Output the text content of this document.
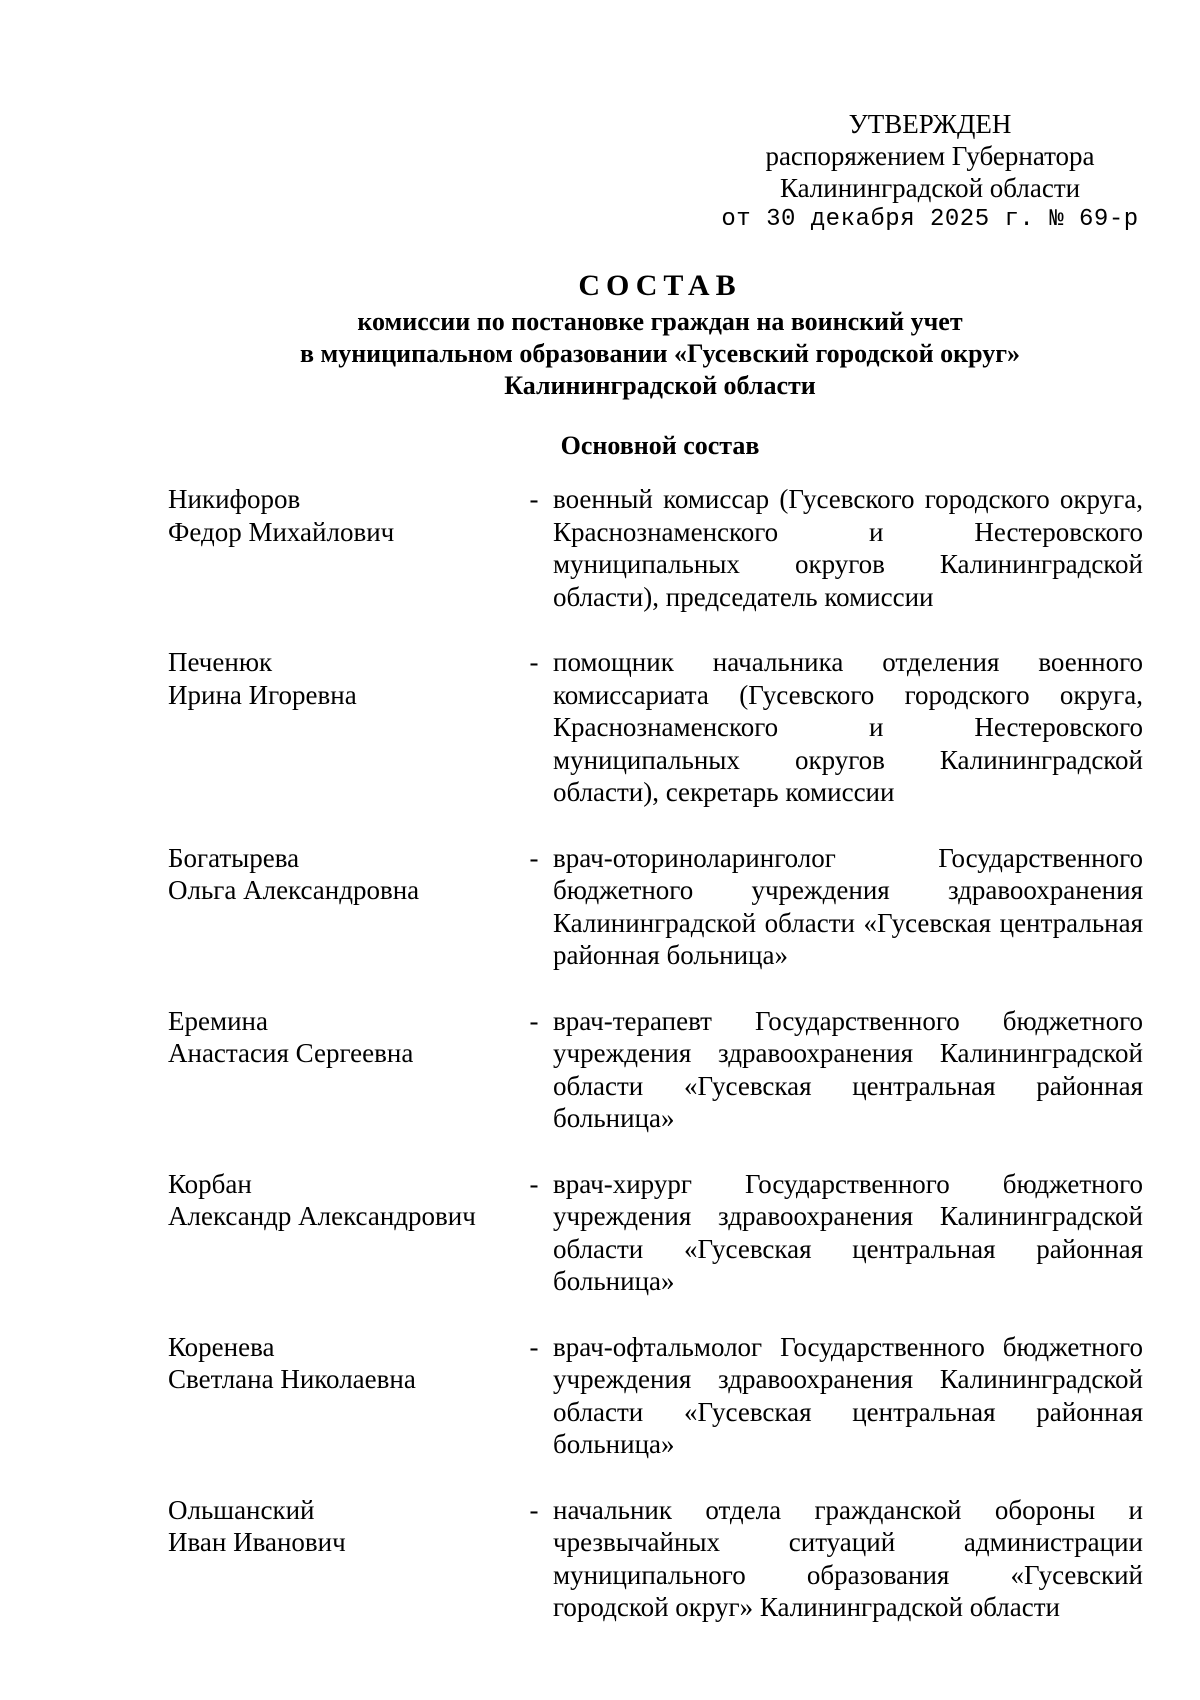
УТВЕРЖДЕН
распоряжением Губернатора
Калининградской области
от 30 декабря 2025 г. № 69-р
СОСТАВ
комиссии по постановке граждан на воинский учет
в муниципальном образовании «Гусевский городской округ»
Калининградской области
Основной состав
Никифоров
Федор Михайлович
- военный комиссар (Гусевского городского округа, Краснознаменского и Нестеровского муниципальных округов Калининградской области), председатель комиссии
Печенюк
Ирина Игоревна
- помощник начальника отделения военного комиссариата (Гусевского городского округа, Краснознаменского и Нестеровского муниципальных округов Калининградской области), секретарь комиссии
Богатырева
Ольга Александровна
- врач-оториноларинголог Государственного бюджетного учреждения здравоохранения Калининградской области «Гусевская центральная районная больница»
Еремина
Анастасия Сергеевна
- врач-терапевт Государственного бюджетного учреждения здравоохранения Калининградской области «Гусевская центральная районная больница»
Корбан
Александр Александрович
- врач-хирург Государственного бюджетного учреждения здравоохранения Калининградской области «Гусевская центральная районная больница»
Коренева
Светлана Николаевна
- врач-офтальмолог Государственного бюджетного учреждения здравоохранения Калининградской области «Гусевская центральная районная больница»
Ольшанский
Иван Иванович
- начальник отдела гражданской обороны и чрезвычайных ситуаций администрации муниципального образования «Гусевский городской округ» Калининградской области
